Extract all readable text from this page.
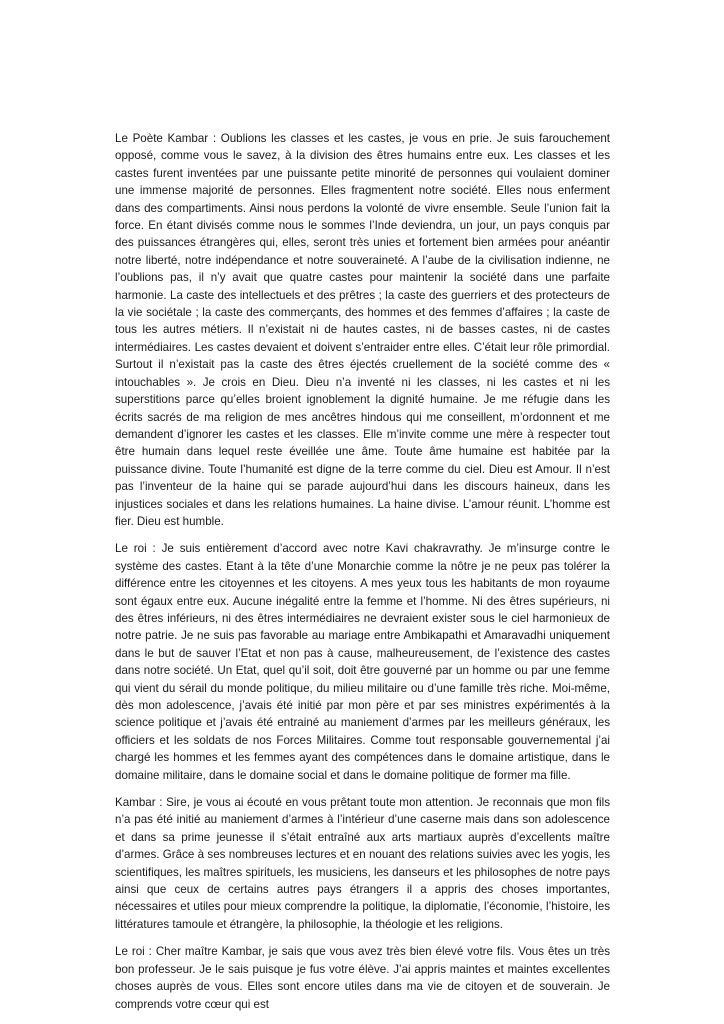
Le Poète Kambar : Oublions les classes et les castes, je vous en prie. Je suis farouchement opposé, comme vous le savez, à la division des êtres humains entre eux. Les classes et les castes furent inventées par une puissante petite minorité de personnes qui voulaient dominer une immense majorité de personnes. Elles fragmentent notre société. Elles nous enferment dans des compartiments. Ainsi nous perdons la volonté de vivre ensemble. Seule l’union fait la force. En étant divisés comme nous le sommes l’Inde deviendra, un jour, un pays conquis par des puissances étrangères qui, elles, seront très unies et fortement bien armées pour anéantir notre liberté, notre indépendance et notre souveraineté. A l’aube de la civilisation indienne, ne l’oublions pas, il n’y avait que quatre castes pour maintenir la société dans une parfaite harmonie. La caste des intellectuels et des prêtres ; la caste des guerriers et des protecteurs de la vie sociétale ; la caste des commerçants, des hommes et des femmes d’affaires ; la caste de tous les autres métiers. Il n’existait ni de hautes castes, ni de basses castes, ni de castes intermédiaires. Les castes devaient et doivent s’entraider entre elles. C’était leur rôle primordial. Surtout il n’existait pas la caste des êtres éjectés cruellement de la société comme des « intouchables ». Je crois en Dieu. Dieu n’a inventé ni les classes, ni les castes et ni les superstitions parce qu’elles broient ignoblement la dignité humaine. Je me réfugie dans les écrits sacrés de ma religion de mes ancêtres hindous qui me conseillent, m’ordonnent et me demandent d’ignorer les castes et les classes. Elle m’invite comme une mère à respecter tout être humain dans lequel reste éveillée une âme. Toute âme humaine est habitée par la puissance divine. Toute l’humanité est digne de la terre comme du ciel. Dieu est Amour. Il n’est pas l’inventeur de la haine qui se parade aujourd’hui dans les discours haineux, dans les injustices sociales et dans les relations humaines. La haine divise. L’amour réunit. L’homme est fier. Dieu est humble.

Le roi : Je suis entièrement d’accord avec notre Kavi chakravrathy. Je m’insurge contre le système des castes. Etant à la tête d’une Monarchie comme la nôtre je ne peux pas tolérer la différence entre les citoyennes et les citoyens. A mes yeux tous les habitants de mon royaume sont égaux entre eux. Aucune inégalité entre la femme et l’homme. Ni des êtres supérieurs, ni des êtres inférieurs, ni des êtres intermédiaires ne devraient exister sous le ciel harmonieux de notre patrie. Je ne suis pas favorable au mariage entre Ambikapathi et Amaravadhi uniquement dans le but de sauver l’Etat et non pas à cause, malheureusement, de l’existence des castes dans notre société. Un Etat, quel qu’il soit, doit être gouverné par un homme ou par une femme qui vient du sérail du monde politique, du milieu militaire ou d’une famille très riche. Moi-même, dès mon adolescence, j’avais été initié par mon père et par ses ministres expérimentés à la science politique et j’avais été entrainé au maniement d’armes par les meilleurs généraux, les officiers et les soldats de nos Forces Militaires. Comme tout responsable gouvernemental j’ai chargé les hommes et les femmes ayant des compétences dans le domaine artistique, dans le domaine militaire, dans le domaine social et dans le domaine politique de former ma fille.

Kambar : Sire, je vous ai écouté en vous prêtant toute mon attention. Je reconnais que mon fils n’a pas été initié au maniement d’armes à l’intérieur d’une caserne mais dans son adolescence et dans sa prime jeunesse il s’était entraîné aux arts martiaux auprès d’excellents maître d’armes. Grâce à ses nombreuses lectures et en nouant des relations suivies avec les yogis, les scientifiques, les maîtres spirituels, les musiciens, les danseurs et les philosophes de notre pays ainsi que ceux de certains autres pays étrangers il a appris des choses importantes, nécessaires et utiles pour mieux comprendre la politique, la diplomatie, l’économie, l’histoire, les littératures tamoule et étrangère, la philosophie, la théologie et les religions.

Le roi : Cher maître Kambar, je sais que vous avez très bien élevé votre fils. Vous êtes un très bon professeur. Je le sais puisque je fus votre élève. J’ai appris maintes et maintes excellentes choses auprès de vous. Elles sont encore utiles dans ma vie de citoyen et de souverain. Je comprends votre cœur qui est
